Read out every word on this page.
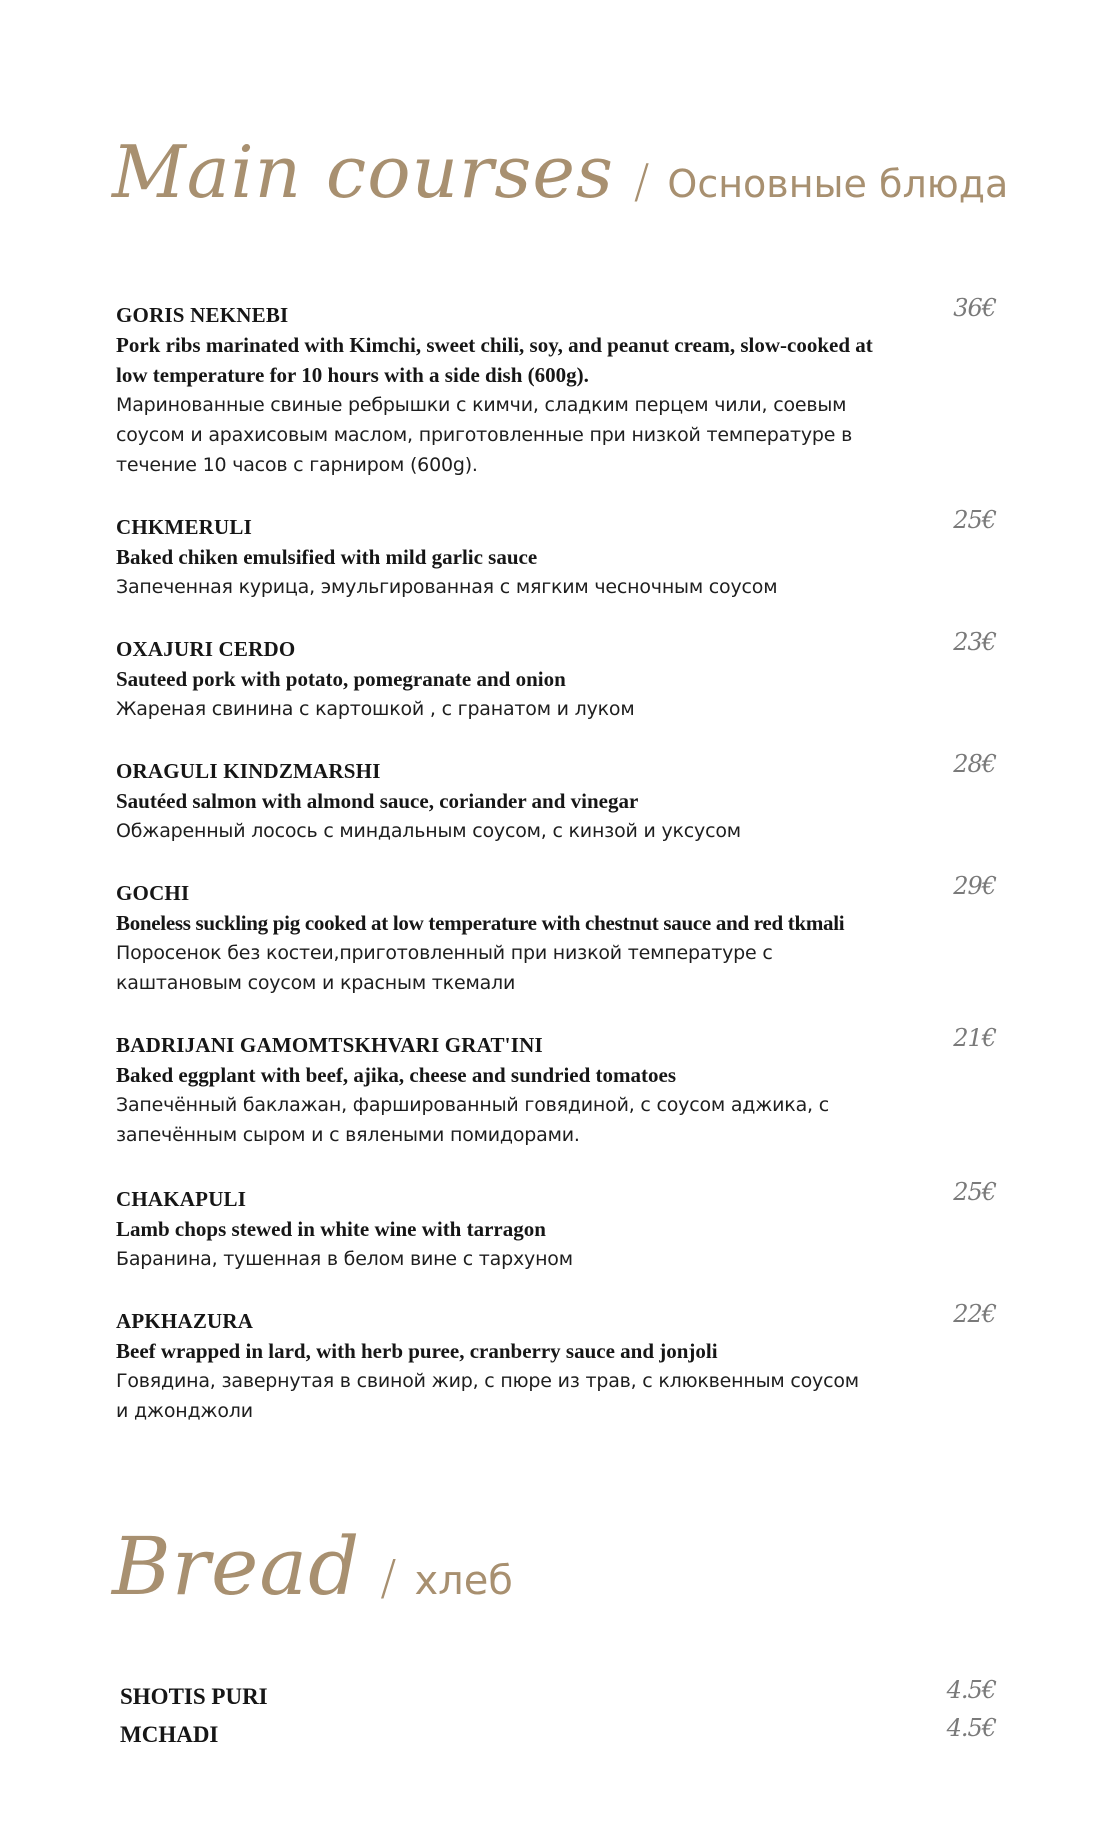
Main courses / Основные блюда
GORIS NEKNEBI
Pork ribs marinated with Kimchi, sweet chili, soy, and peanut cream, slow-cooked at low temperature for 10 hours with a side dish (600g).
Маринованные свиные ребрышки с кимчи, сладким перцем чили, соевым соусом и арахисовым маслом, приготовленные при низкой температуре в течение 10 часов с гарниром (600g).
36€
CHKMERULI
Baked chiken emulsified with mild garlic sauce
Запеченная курица, эмульгированная с мягким чесночным соусом
25€
OXAJURI CERDO
Sauteed pork with potato, pomegranate and onion
Жареная свинина с картошкой , с гранатом и луком
23€
ORAGULI KINDZMARSHI
Sautéed salmon with almond sauce, coriander and vinegar
Обжаренный лосось с миндальным соусом, с кинзой и уксусом
28€
GOCHI
Boneless suckling pig cooked at low temperature with chestnut sauce and red tkmali
Поросенок без костеи,приготовленный при низкой температуре с каштановым соусом и красным ткемали
29€
BADRIJANI GAMOMTSKHVARI GRAT'INI
Baked eggplant with beef, ajika, cheese and sundried tomatoes
Запечённый баклажан, фаршированный говядиной, с соусом аджика, с запечённым сыром и с вялеными помидорами.
21€
CHAKAPULI
Lamb chops stewed in white wine with tarragon
Баранина, тушенная в белом вине с тархуном
25€
APKHAZURA
Beef wrapped in lard, with herb puree, cranberry sauce and jonjoli
Говядина, завернутая в свиной жир, с пюре из трав, с клюквенным соусом и джонджоли
22€
Bread / хлеб
SHOTIS PURI	4.5€
MCHADI	4.5€
